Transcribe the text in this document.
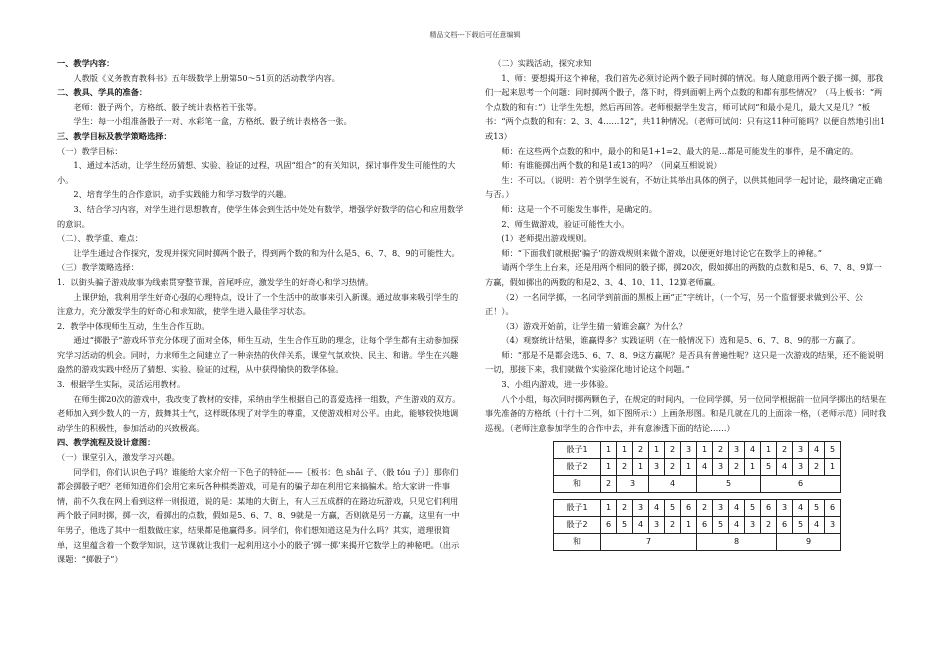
精品文档---下载后可任意编辑

一、教学内容：

人教版《义务教育教科书》五年级数学上册第50～51页的活动教学内容。

二、教具、学具的准备：

老师：骰子两个，方格纸、骰子统计表格若干张等。

学生：每一小组准备骰子一对、水彩笔一盒，方格纸、骰子统计表格各一张。

三、教学目标及教学策略选择：

（一）教学目标：

1、通过本活动，让学生经历猜想、实验、验证的过程，巩固“组合”的有关知识，探讨事件发生可能性的大小。

2、培育学生的合作意识，动手实践能力和学习数学的兴趣。

3、结合学习内容，对学生进行思想教育，使学生体会到生活中处处有数学，增强学好数学的信心和应用数学的意识。

（二）、教学重、难点：

让学生通过合作探究，发现并探究同时掷两个骰子，得到两个数的和为什么是5、6、7、8、9的可能性大。

（三）教学策略选择：

1．以街头骗子游戏故事为线索贯穿整节课，首尾呼应，激发学生的好奇心和学习热情。

上课伊始，我利用学生好奇心强的心理特点，设计了一个生活中的故事来引入新课。通过故事来吸引学生的注意力，充分激发学生的好奇心和求知欲，使学生进入最佳学习状态。

2．教学中体现师生互动，生生合作互助。

通过“掷骰子”游戏环节充分体现了面对全体，师生互动，生生合作互助的理念，让每个学生都有主动参加探究学习活动的机会。同时，力求师生之间建立了一种亲热的伙伴关系，课堂气氛欢快、民主、和谐。学生在兴趣盎然的游戏实践中经历了猜想、实验、验证的过程，从中获得愉快的数学体验。

3．根据学生实际，灵活运用教材。

在师生掷20次的游戏中，我改变了教材的安排，采纳由学生根据自己的喜爱选择一组数，产生游戏的双方。老师加入到少数人的一方，鼓舞其士气，这样既体现了对学生的尊重，又使游戏相对公平。由此，能够较快地调动学生的积极性，参加活动的兴致极高。

四、教学流程及设计意图：

（一）课堂引入，激发学习兴趣。

同学们，你们认识色子吗？谁能给大家介绍一下色子的特征——｛板书：色 shǎi 子、（骰 tóu 子）｝那你们都会掷骰子吧？老师知道你们会用它来玩各种棋类游戏，可是有的骗子却在利用它来搞骗术。给大家讲一件事情，前不久我在网上看到这样一则报道，说的是：某地的大街上，有人三五成群的在路边玩游戏，只见它们利用两个骰子同时掷，掷一次，看掷出的点数，假如是5、6、7、8、9就是一方赢，否则就是另一方赢，这里有一中年男子，他选了其中一组数做庄家，结果都是他赢得多。同学们，你们想知道这是为什么吗？其实，道理很简单，这里蕴含着一个数学知识，这节课就让我们一起利用这小小的骰子‘掷一掷’来揭开它数学上的神秘吧。（出示课题：“掷骰子”）

（二）实践活动，探究求知

1、师：要想揭开这个神秘，我们首先必须讨论两个骰子同时掷的情况。每人随意用两个骰子掷一掷，那我们一起来思考一个问题：同时掷两个骰子，落下时，得到面朝上两个点数的和都有那些情况？（马上板书：“两个点数的和有：”）让学生先想，然后再回答。老师根据学生发言，师可试问“和最小是几，最大又是几？”板书：“两个点数的和有：2、3、4……12”，共11种情况。（老师可试问：只有这11种可能吗？以便自然地引出1或13）

师：在这些两个点数的和中，最小的和是1+1=2、最大的是…都是可能发生的事件，是不确定的。

师：有谁能掷出两个数的和是1或13的吗？（同桌互相说说）

生：不可以。（说明：若个别学生说有，不妨让其举出具体的例子，以供其他同学一起讨论，最终确定正确与否。）

师：这是一个不可能发生事件，是确定的。

2、师生做游戏，验证可能性大小。

(1）老师提出游戏规则。

师：“下面我们就根据‘骗子’的游戏规则来做个游戏，以便更好地讨论它在数学上的神秘。”

请两个学生上台来，还是用两个相同的骰子掷，掷20次，假如掷出的两数的点数和是5、6、7、8、9算一方赢，假如掷出的两数的和是2、3、4、10、11、12算老师赢。

（2）一名同学掷，一名同学到前面的黑板上画“正”字统计，（一个写，另一个监督要求做到公平、公正！）。

（3）游戏开始前，让学生猜一猜谁会赢？为什么？

（4）观察统计结果，谁赢得多？实践证明（在一般情况下）选和是5、6、7、8、9的那一方赢了。

师：“那是不是都会选5、6、7、8、9这方赢呢？是否具有普遍性呢？这只是一次游戏的结果，还不能说明一切，那接下来，我们就做个实验深化地讨论这个问题。”

3、小组内游戏，进一步体验。

八个小组，每次同时掷两颗色子，在规定的时间内，一位同学掷，另一位同学根据前一位同学掷出的结果在事先准备的方格纸（十行十二列，如下图所示：）上画条形图。和是几就在几的上面涂一格，（老师示范）同时我巡视。（老师注意参加学生的合作中去，并有意渗透下面的结论……）

骰子1	1	1	2	1	2	3	1	2	3	4	1	2	3	4	5
骰子2	1	2	1	3	2	1	4	3	2	1	5	4	3	2	1
和	2	3		4			5				6				

骰子1	1	2	3	4	5	6	2	3	4	5	6	3	4	5	6
骰子2	6	5	4	3	2	1	6	5	4	3	2	6	5	4	3
和	7						8					9			
